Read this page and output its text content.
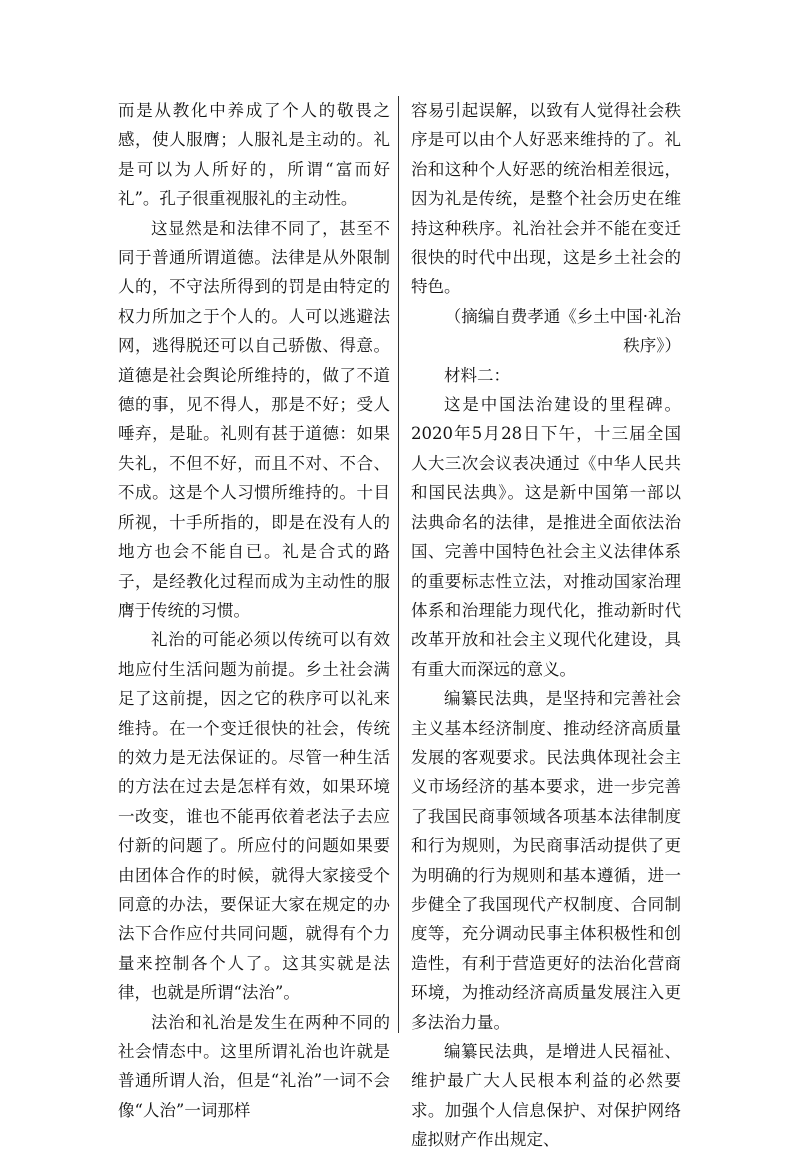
而是从教化中养成了个人的敬畏之感，使人服膺；人服礼是主动的。礼是可以为人所好的，所谓“富而好礼”。孔子很重视服礼的主动性。

这显然是和法律不同了，甚至不同于普通所谓道德。法律是从外限制人的，不守法所得到的罚是由特定的权力所加之于个人的。人可以逃避法网，逃得脱还可以自己骄傲、得意。道德是社会舆论所维持的，做了不道德的事，见不得人，那是不好；受人唾弃，是耻。礼则有甚于道德：如果失礼，不但不好，而且不对、不合、不成。这是个人习惯所维持的。十目所视，十手所指的，即是在没有人的地方也会不能自已。礼是合式的路子，是经教化过程而成为主动性的服膺于传统的习惯。

礼治的可能必须以传统可以有效地应付生活问题为前提。乡土社会满足了这前提，因之它的秩序可以礼来维持。在一个变迁很快的社会，传统的效力是无法保证的。尽管一种生活的方法在过去是怎样有效，如果环境一改变，谁也不能再依着老法子去应付新的问题了。所应付的问题如果要由团体合作的时候，就得大家接受个同意的办法，要保证大家在规定的办法下合作应付共同问题，就得有个力量来控制各个人了。这其实就是法律，也就是所谓“法治”。

法治和礼治是发生在两种不同的社会情态中。这里所谓礼治也许就是普通所谓人治，但是“礼治”一词不会像“人治”一词那样

容易引起误解，以致有人觉得社会秩序是可以由个人好恶来维持的了。礼治和这种个人好恶的统治相差很远，因为礼是传统，是整个社会历史在维持这种秩序。礼治社会并不能在变迁很快的时代中出现，这是乡土社会的特色。

（摘编自费孝通《乡土中国·礼治秩序》）

材料二：

这是中国法治建设的里程碑。2020年5月28日下午，十三届全国人大三次会议表决通过《中华人民共和国民法典》。这是新中国第一部以法典命名的法律，是推进全面依法治国、完善中国特色社会主义法律体系的重要标志性立法，对推动国家治理体系和治理能力现代化，推动新时代改革开放和社会主义现代化建设，具有重大而深远的意义。

编纂民法典，是坚持和完善社会主义基本经济制度、推动经济高质量发展的客观要求。民法典体现社会主义市场经济的基本要求，进一步完善了我国民商事领域各项基本法律制度和行为规则，为民商事活动提供了更为明确的行为规则和基本遵循，进一步健全了我国现代产权制度、合同制度等，充分调动民事主体积极性和创造性，有利于营造更好的法治化营商环境，为推动经济高质量发展注入更多法治力量。

编纂民法典，是增进人民福祉、维护最广大人民根本利益的必然要求。加强个人信息保护、对保护网络虚拟财产作出规定、
